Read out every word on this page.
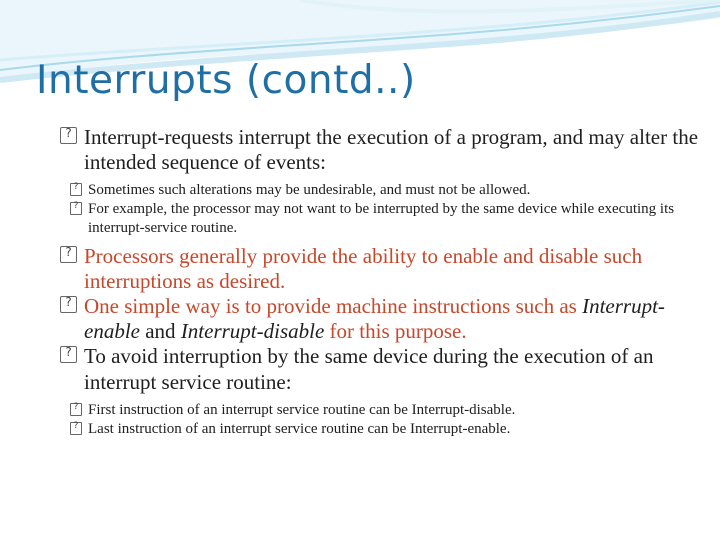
Interrupts (contd..)

?
Interrupt-requests interrupt the execution of a program, and may alter the intended sequence of events:

?
Sometimes such alterations may be undesirable, and must not be allowed.

?
For example, the processor may not want to be interrupted by the same device while executing its interrupt-service routine.

?
Processors generally provide the ability to enable and disable such interruptions as desired.

?
One simple way is to provide machine instructions such as Interrupt-enable and Interrupt-disable for this purpose.

?
To avoid interruption by the same device during the execution of an interrupt service routine:

?
First instruction of an interrupt service routine can be Interrupt-disable.

?
Last instruction of an interrupt service routine can be Interrupt-enable.
